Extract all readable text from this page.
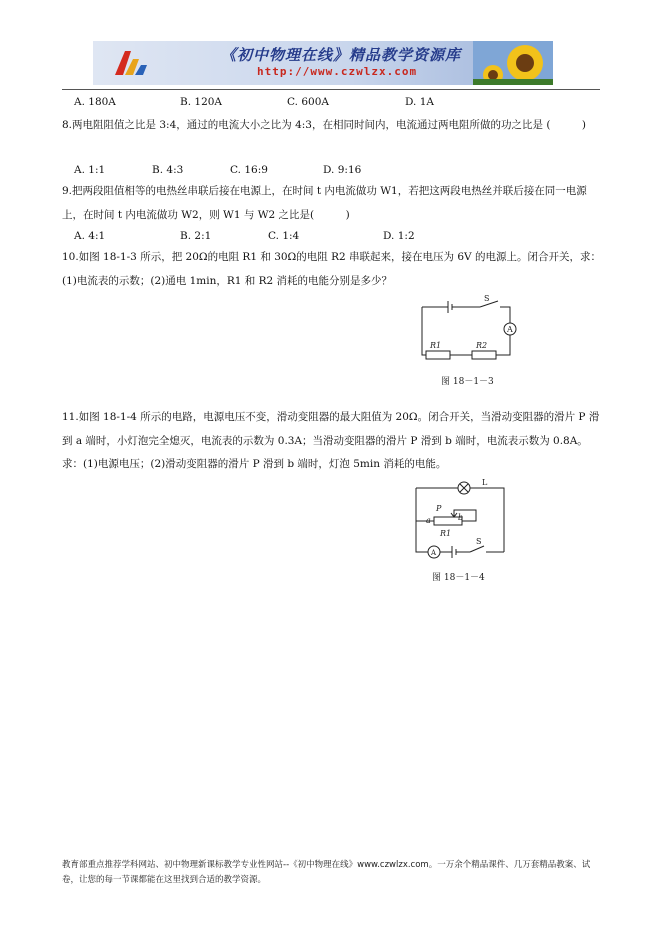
《初中物理在线》精品教学资源库
http://www.czwlzx.com
A. 180A	B. 120A	C. 600A	D. 1A
8.两电阻阻值之比是 3:4，通过的电流大小之比为 4:3，在相同时间内，电流通过两电阻所做的功之比是 (　　　)
A. 1:1	B. 4:3	C. 16:9	D. 9:16
9.把两段阻值相等的电热丝串联后接在电源上，在时间 t 内电流做功 W1，若把这两段电热丝并联后接在同一电源上，在时间 t 内电流做功 W2，则 W1 与 W2 之比是(　　　)
A. 4:1	B. 2:1	C. 1:4	D. 1:2
10.如图 18-1-3 所示，把 20Ω的电阻 R1 和 30Ω的电阻 R2 串联起来，接在电压为 6V 的电源上。闭合开关，求：(1)电流表的示数；(2)通电 1min，R1 和 R2 消耗的电能分别是多少？
S
A
R1	R2
图 18－1－3
11.如图 18-1-4 所示的电路，电源电压不变，滑动变阻器的最大阻值为 20Ω。闭合开关，当滑动变阻器的滑片 P 滑到 a 端时，小灯泡完全熄灭，电流表的示数为 0.3A；当滑动变阻器的滑片 P 滑到 b 端时，电流表示数为 0.8A。求：(1)电源电压；(2)滑动变阻器的滑片 P 滑到 b 端时，灯泡 5min 消耗的电能。
L
P
a	b
R1
A
S
图 18－1－4
教育部重点推荐学科网站、初中物理新课标教学专业性网站--《初中物理在线》www.czwlzx.com。一万余个精品课件、几万套精品教案、试卷，让您的每一节课都能在这里找到合适的教学资源。
